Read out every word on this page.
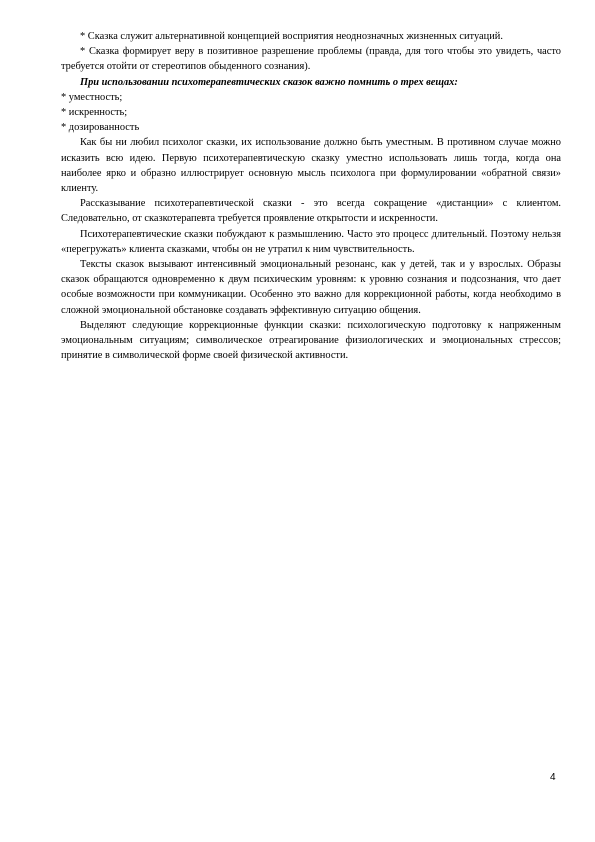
* Сказка служит альтернативной концепцией восприятия неоднозначных жизненных ситуаций.

* Сказка формирует веру в позитивное разрешение проблемы (правда, для того чтобы это увидеть, часто требуется отойти от стереотипов обыденного сознания).

При использовании психотерапевтических сказок важно помнить о трех вещах:

* уместность;

* искренность;

* дозированность

Как бы ни любил психолог сказки, их использование должно быть уместным. В противном случае можно исказить всю идею. Первую психотерапевтическую сказку уместно использовать лишь тогда, когда она наиболее ярко и образно иллюстрирует основную мысль психолога при формулировании «обратной связи» клиенту.

Рассказывание психотерапевтической сказки - это всегда сокращение «дистанции» с клиентом. Следовательно, от сказкотерапевта требуется проявление открытости и искренности.

Психотерапевтические сказки побуждают к размышлению. Часто это процесс длительный. Поэтому нельзя «перегружать» клиента сказками, чтобы он не утратил к ним чувствительность.

Тексты сказок вызывают интенсивный эмоциональный резонанс, как у детей, так и у взрослых. Образы сказок обращаются одновременно к двум психическим уровням: к уровню сознания и подсознания, что дает особые возможности при коммуникации. Особенно это важно для коррекционной работы, когда необходимо в сложной эмоциональной обстановке создавать эффективную ситуацию общения.

Выделяют следующие коррекционные функции сказки: психологическую подготовку к напряженным эмоциональным ситуациям; символическое отреагирование физиологических и эмоциональных стрессов; принятие в символической форме своей физической активности.

4
